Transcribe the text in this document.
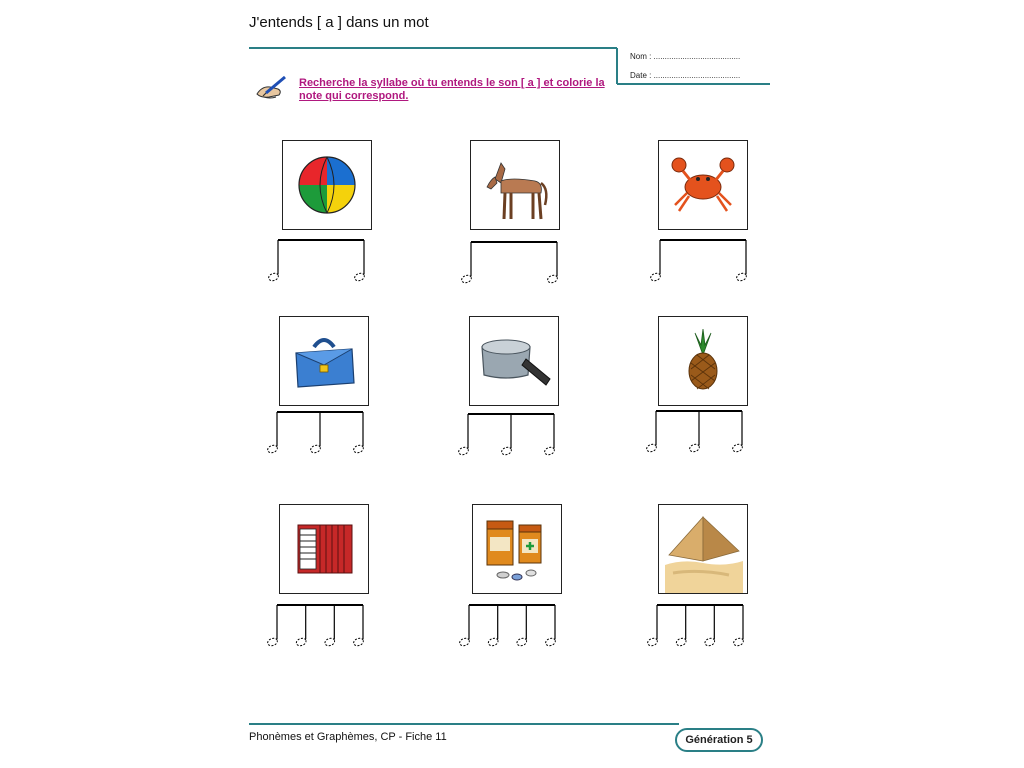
J'entends [ a ] dans un mot
Nom : .......................................
Date : .......................................
Recherche la syllabe où tu entends le son [ a ] et colorie la note qui correspond.
Phonèmes et Graphèmes, CP - Fiche 11	Génération 5
